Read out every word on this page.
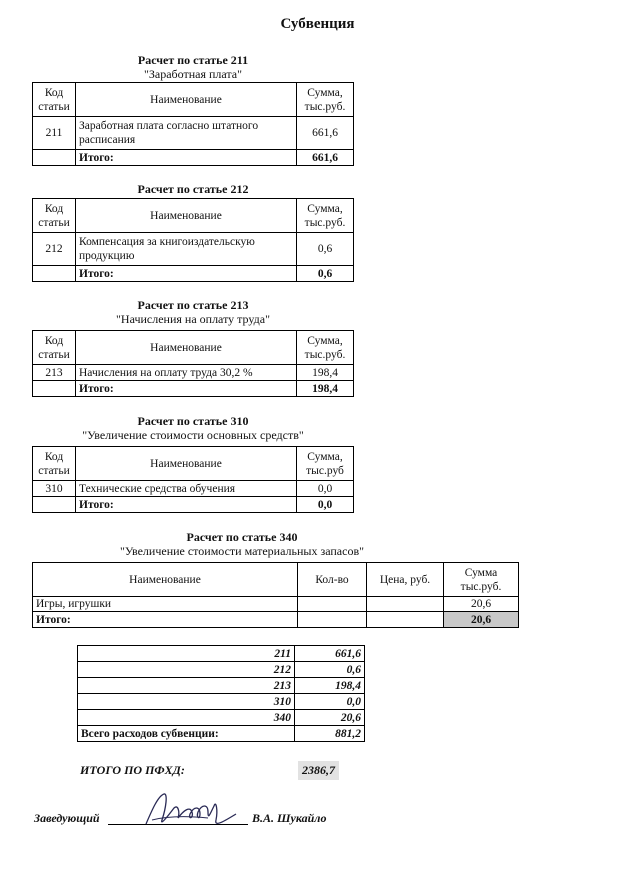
Субвенция
Расчет по статье 211
"Заработная плата"
Код статьи	Наименование	Сумма, тыс.руб.
211	Заработная плата согласно штатного расписания	661,6
	Итого:	661,6
Расчет по статье 212
Код статьи	Наименование	Сумма, тыс.руб.
212	Компенсация за книгоиздательскую продукцию	0,6
	Итого:	0,6
Расчет по статье 213
"Начисления на оплату труда"
Код статьи	Наименование	Сумма, тыс.руб.
213	Начисления на оплату труда 30,2 %	198,4
	Итого:	198,4
Расчет по статье 310
"Увеличение стоимости основных средств"
Код статьи	Наименование	Сумма, тыс.руб
310	Технические средства обучения	0,0
	Итого:	0,0
Расчет по статье 340
"Увеличение стоимости материальных запасов"
Наименование	Кол-во	Цена, руб.	Сумма тыс.руб.
Игры, игрушки			20,6
Итого:			20,6
211	661,6
212	0,6
213	198,4
310	0,0
340	20,6
Всего расходов субвенции:	881,2
ИТОГО ПО ПФХД:	2386,7
Заведующий	В.А. Шукайло
